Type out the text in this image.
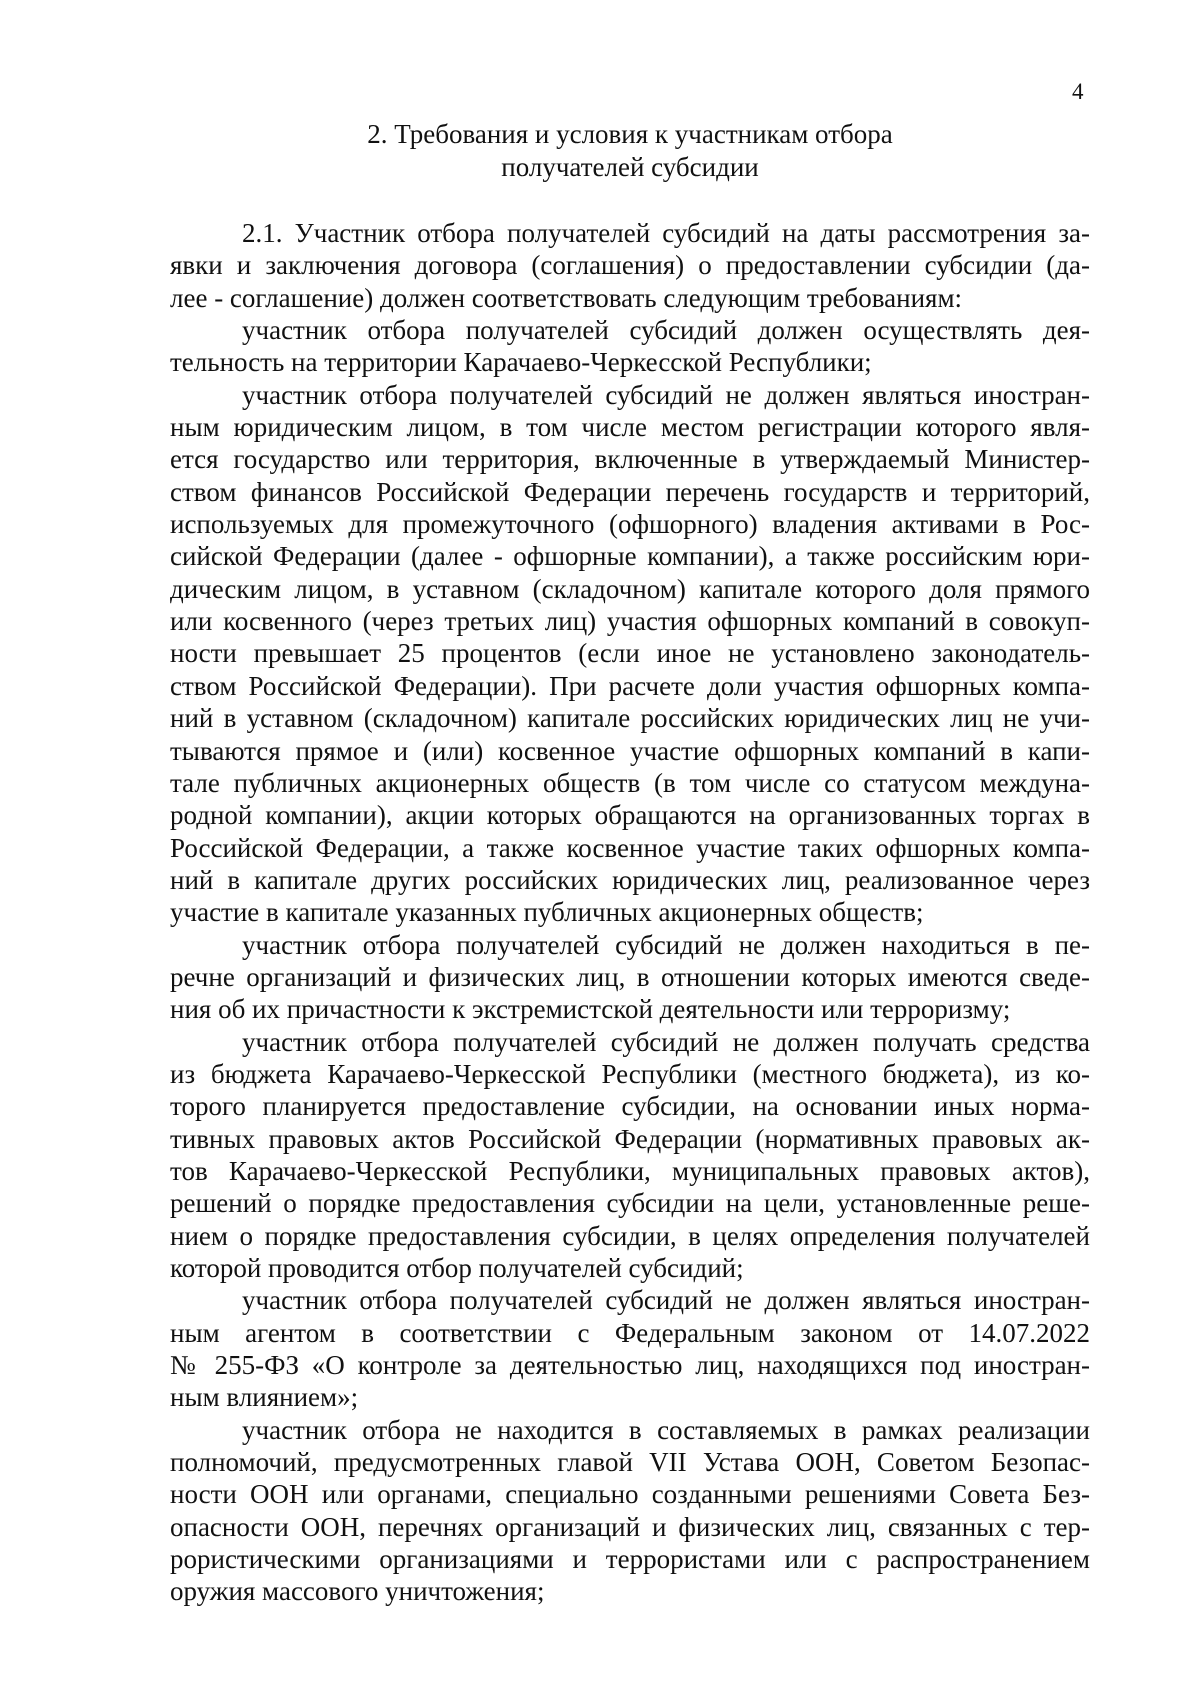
4
2. Требования и условия к участникам отбора
получателей субсидии

2.1. Участник отбора получателей субсидий на даты рассмотрения за-
явки и заключения договора (соглашения) о предоставлении субсидии (да-
лее - соглашение) должен соответствовать следующим требованиям:

участник отбора получателей субсидий должен осуществлять дея-
тельность на территории Карачаево-Черкесской Республики;

участник отбора получателей субсидий не должен являться иностран-
ным юридическим лицом, в том числе местом регистрации которого явля-
ется государство или территория, включенные в утверждаемый Министер-
ством финансов Российской Федерации перечень государств и территорий,
используемых для промежуточного (офшорного) владения активами в Рос-
сийской Федерации (далее - офшорные компании), а также российским юри-
дическим лицом, в уставном (складочном) капитале которого доля прямого
или косвенного (через третьих лиц) участия офшорных компаний в совокуп-
ности превышает 25 процентов (если иное не установлено законодатель-
ством Российской Федерации). При расчете доли участия офшорных компа-
ний в уставном (складочном) капитале российских юридических лиц не учи-
тываются прямое и (или) косвенное участие офшорных компаний в капи-
тале публичных акционерных обществ (в том числе со статусом междуна-
родной компании), акции которых обращаются на организованных торгах в
Российской Федерации, а также косвенное участие таких офшорных компа-
ний в капитале других российских юридических лиц, реализованное через
участие в капитале указанных публичных акционерных обществ;

участник отбора получателей субсидий не должен находиться в пе-
речне организаций и физических лиц, в отношении которых имеются сведе-
ния об их причастности к экстремистской деятельности или терроризму;

участник отбора получателей субсидий не должен получать средства
из бюджета Карачаево-Черкесской Республики (местного бюджета), из ко-
торого планируется предоставление субсидии, на основании иных норма-
тивных правовых актов Российской Федерации (нормативных правовых ак-
тов Карачаево-Черкесской Республики, муниципальных правовых актов),
решений о порядке предоставления субсидии на цели, установленные реше-
нием о порядке предоставления субсидии, в целях определения получателей
которой проводится отбор получателей субсидий;

участник отбора получателей субсидий не должен являться иностран-
ным агентом в соответствии с Федеральным законом от 14.07.2022
№ 255-ФЗ «О контроле за деятельностью лиц, находящихся под иностран-
ным влиянием»;

участник отбора не находится в составляемых в рамках реализации
полномочий, предусмотренных главой VII Устава ООН, Советом Безопас-
ности ООН или органами, специально созданными решениями Совета Без-
опасности ООН, перечнях организаций и физических лиц, связанных с тер-
рористическими организациями и террористами или с распространением
оружия массового уничтожения;
